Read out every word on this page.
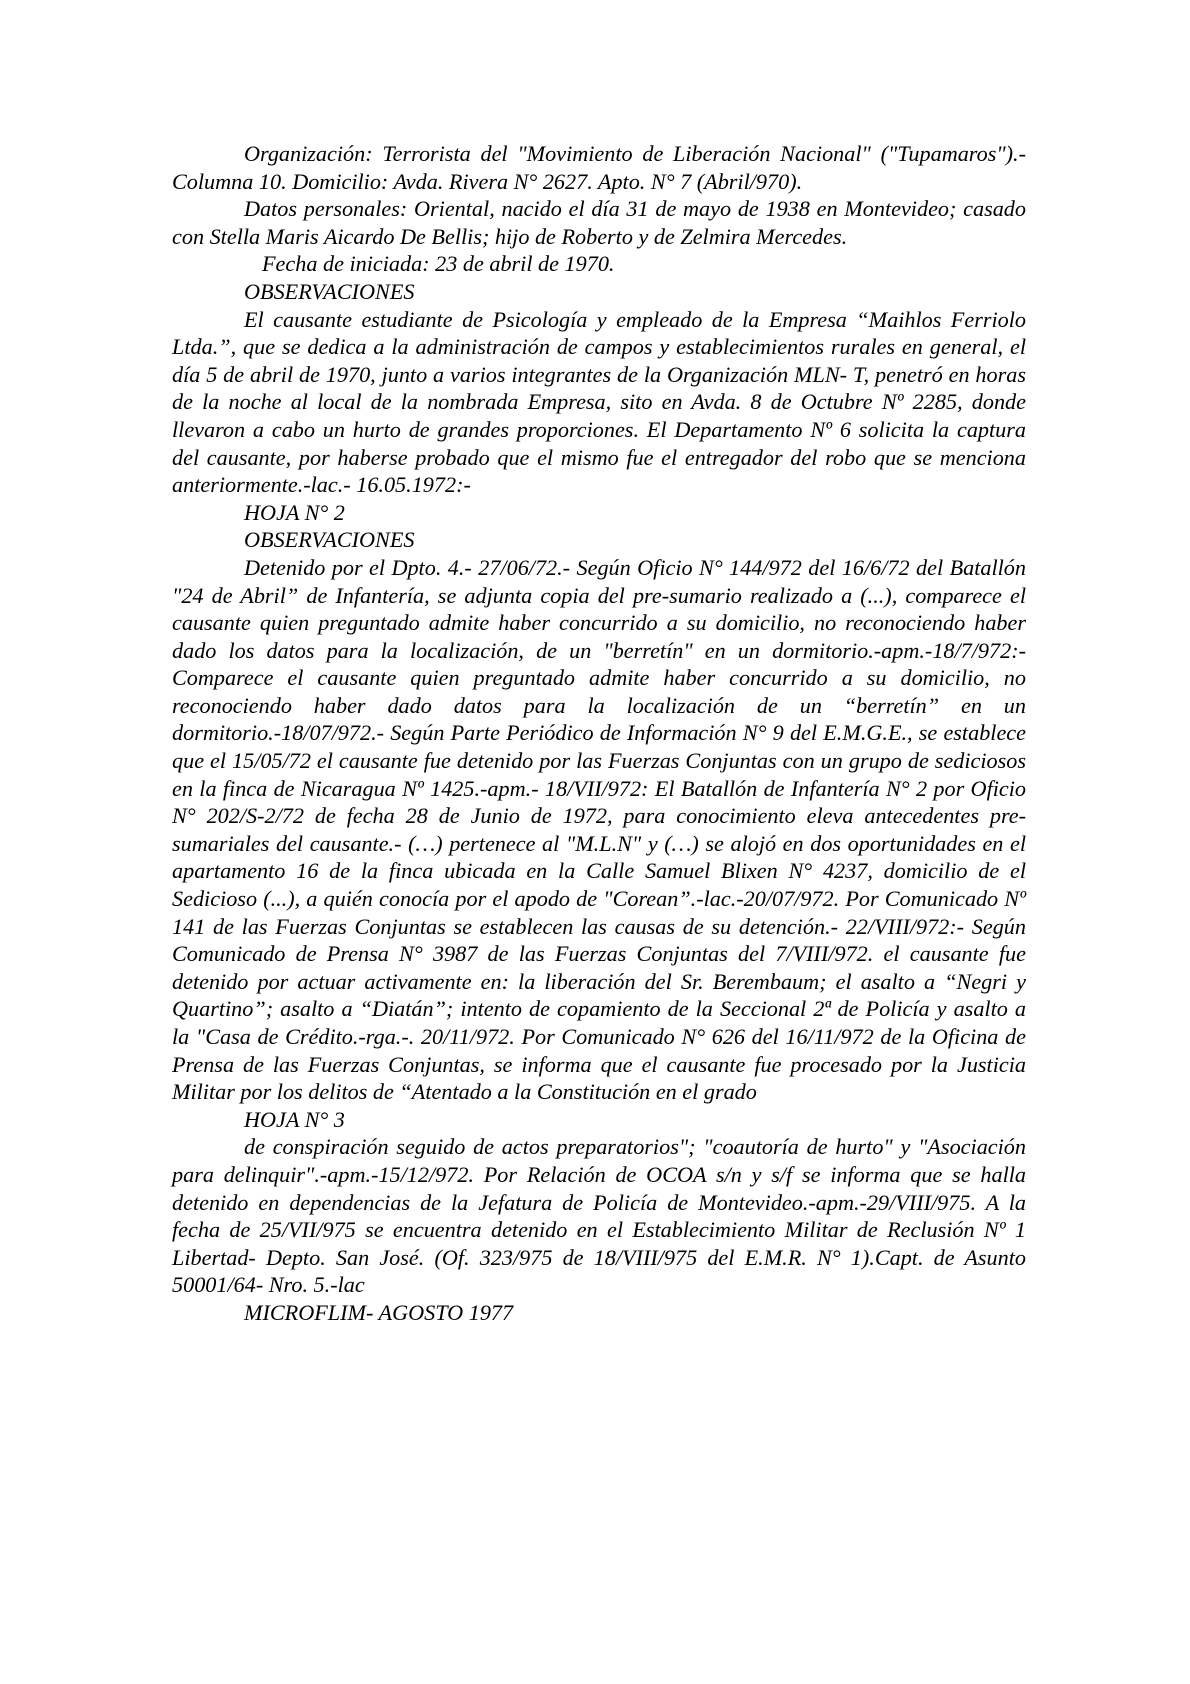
Organización: Terrorista del "Movimiento de Liberación Nacional" ("Tupamaros").- Columna 10. Domicilio: Avda. Rivera N° 2627. Apto. N° 7 (Abril/970).

Datos personales: Oriental, nacido el día 31 de mayo de 1938 en Montevideo; casado con Stella Maris Aicardo De Bellis; hijo de Roberto y de Zelmira Mercedes.

Fecha de iniciada: 23 de abril de 1970.

OBSERVACIONES

El causante estudiante de Psicología y empleado de la Empresa “Maihlos Ferriolo Ltda.”, que se dedica a la administración de campos y establecimientos rurales en general, el día 5 de abril de 1970, junto a varios integrantes de la Organización MLN- T, penetró en horas de la noche al local de la nombrada Empresa, sito en Avda. 8 de Octubre Nº 2285, donde llevaron a cabo un hurto de grandes proporciones. El Departamento Nº 6 solicita la captura del causante, por haberse probado que el mismo fue el entregador del robo que se menciona anteriormente.-lac.- 16.05.1972:-

HOJA N° 2

OBSERVACIONES

Detenido por el Dpto. 4.- 27/06/72.- Según Oficio N° 144/972 del 16/6/72 del Batallón "24 de Abril” de Infantería, se adjunta copia del pre-sumario realizado a (...), comparece el causante quien preguntado admite haber concurrido a su domicilio, no reconociendo haber dado los datos para la localización, de un "berretín" en un dormitorio.-apm.-18/7/972:- Comparece el causante quien preguntado admite haber concurrido a su domicilio, no reconociendo haber dado datos para la localización de un “berretín” en un dormitorio.-18/07/972.- Según Parte Periódico de Información N° 9 del E.M.G.E., se establece que el 15/05/72 el causante fue detenido por las Fuerzas Conjuntas con un grupo de sediciosos en la finca de Nicaragua Nº 1425.-apm.- 18/VII/972: El Batallón de Infantería N° 2 por Oficio N° 202/S-2/72 de fecha 28 de Junio de 1972, para conocimiento eleva antecedentes pre- sumariales del causante.- (…) pertenece al "M.L.N" y (…) se alojó en dos oportunidades en el apartamento 16 de la finca ubicada en la Calle Samuel Blixen N° 4237, domicilio de el Sedicioso (...), a quién conocía por el apodo de "Corean”.-lac.-20/07/972. Por Comunicado Nº 141 de las Fuerzas Conjuntas se establecen las causas de su detención.- 22/VIII/972:- Según Comunicado de Prensa N° 3987 de las Fuerzas Conjuntas del 7/VIII/972. el causante fue detenido por actuar activamente en: la liberación del Sr. Berembaum; el asalto a “Negri y Quartino”; asalto a “Diatán”; intento de copamiento de la Seccional 2ª de Policía y asalto a la "Casa de Crédito.-rga.-. 20/11/972. Por Comunicado N° 626 del 16/11/972 de la Oficina de Prensa de las Fuerzas Conjuntas, se informa que el causante fue procesado por la Justicia Militar por los delitos de “Atentado a la Constitución en el grado

HOJA N° 3

de conspiración seguido de actos preparatorios"; "coautoría de hurto" y "Asociación para delinquir".-apm.-15/12/972. Por Relación de OCOA s/n y s/f se informa que se halla detenido en dependencias de la Jefatura de Policía de Montevideo.-apm.-29/VIII/975. A la fecha de 25/VII/975 se encuentra detenido en el Establecimiento Militar de Reclusión Nº 1 Libertad- Depto. San José. (Of. 323/975 de 18/VIII/975 del E.M.R. N° 1).Capt. de Asunto 50001/64- Nro. 5.-lac

MICROFLIM- AGOSTO 1977
